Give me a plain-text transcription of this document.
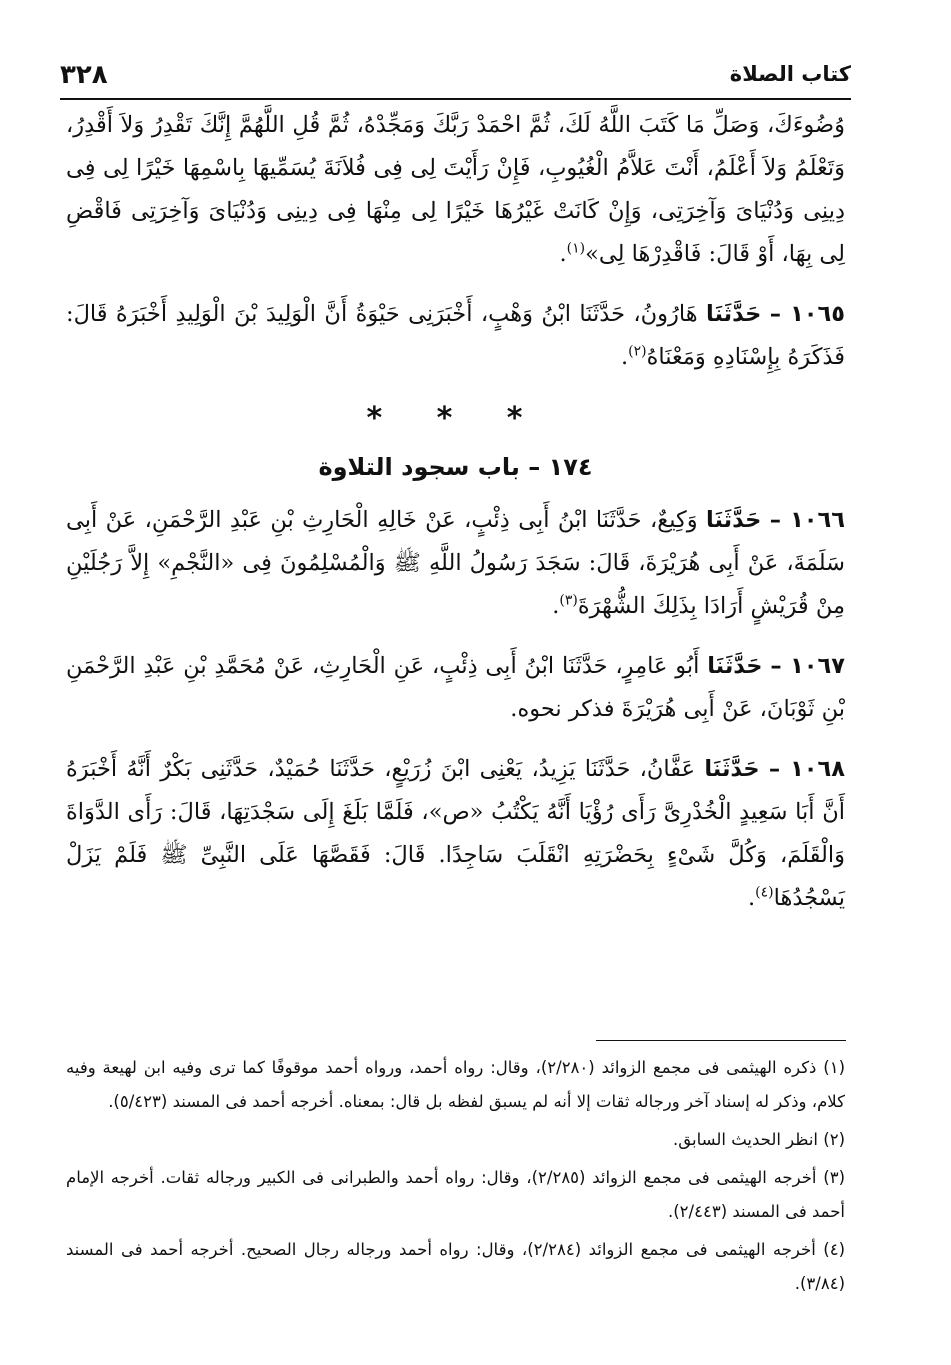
كتاب الصلاة
٣٢٨

وُضُوءَكَ، وَصَلِّ مَا كَتَبَ اللَّهُ لَكَ، ثُمَّ احْمَدْ رَبَّكَ وَمَجِّدْهُ، ثُمَّ قُلِ اللَّهُمَّ إِنَّكَ تَقْدِرُ وَلاَ أَقْدِرُ، وَتَعْلَمُ وَلاَ أَعْلَمُ، أَنْتَ عَلاَّمُ الْغُيُوبِ، فَإِنْ رَأَيْتَ لِى فِى فُلاَنَةَ يُسَمِّيهَا بِاسْمِهَا خَيْرًا لِى فِى دِينِى وَدُنْيَاىَ وَآخِرَتِى، وَإِنْ كَانَتْ غَيْرُهَا خَيْرًا لِى مِنْهَا فِى دِينِى وَدُنْيَاىَ وَآخِرَتِى فَاقْضِ لِى بِهَا، أَوْ قَالَ: فَاقْدِرْهَا لِى»$^{(١)}$.

١٠٦٥ – حَدَّثَنَا هَارُونُ، حَدَّثَنَا ابْنُ وَهْبٍ، أَخْبَرَنِى حَيْوَةُ أَنَّ الْوَلِيدَ بْنَ الْوَلِيدِ أَخْبَرَهُ قَالَ: فَذَكَرَهُ بِإِسْنَادِهِ وَمَعْنَاهُ$^{(٢)}$.

* * *
١٧٤ – باب سجود التلاوة

١٠٦٦ – حَدَّثَنَا وَكِيعٌ، حَدَّثَنَا ابْنُ أَبِى ذِئْبٍ، عَنْ خَالِهِ الْحَارِثِ بْنِ عَبْدِ الرَّحْمَنِ، عَنْ أَبِى سَلَمَةَ، عَنْ أَبِى هُرَيْرَةَ، قَالَ: سَجَدَ رَسُولُ اللَّهِ ﷺ وَالْمُسْلِمُونَ فِى «النَّجْمِ» إِلاَّ رَجُلَيْنِ مِنْ قُرَيْشٍ أَرَادَا بِذَلِكَ الشُّهْرَةَ$^{(٣)}$.

١٠٦٧ – حَدَّثَنَا أَبُو عَامِرٍ، حَدَّثَنَا ابْنُ أَبِى ذِئْبٍ، عَنِ الْحَارِثِ، عَنْ مُحَمَّدِ بْنِ عَبْدِ الرَّحْمَنِ بْنِ ثَوْبَانَ، عَنْ أَبِى هُرَيْرَةَ فذكر نحوه.

١٠٦٨ – حَدَّثَنَا عَفَّانُ، حَدَّثَنَا يَزِيدُ، يَعْنِى ابْنَ زُرَيْعٍ، حَدَّثَنَا حُمَيْدٌ، حَدَّثَنِى بَكْرٌ أَنَّهُ أَخْبَرَهُ أَنَّ أَبَا سَعِيدٍ الْخُدْرِىَّ رَأَى رُؤْيَا أَنَّهُ يَكْتُبُ «ص»، فَلَمَّا بَلَغَ إِلَى سَجْدَتِهَا، قَالَ: رَأَى الدَّوَاةَ وَالْقَلَمَ، وَكُلَّ شَىْءٍ بِحَضْرَتِهِ انْقَلَبَ سَاجِدًا. قَالَ: فَقَصَّهَا عَلَى النَّبِىِّ ﷺ فَلَمْ يَزَلْ يَسْجُدُهَا$^{(٤)}$.

(١) ذكره الهيثمى فى مجمع الزوائد (٢/٢٨٠)، وقال: رواه أحمد، ورواه أحمد موقوفًا كما ترى وفيه ابن لهيعة وفيه كلام، وذكر له إسناد آخر ورجاله ثقات إلا أنه لم يسبق لفظه بل قال: بمعناه. أخرجه أحمد فى المسند (٥/٤٢٣).

(٢) انظر الحديث السابق.

(٣) أخرجه الهيثمى فى مجمع الزوائد (٢/٢٨٥)، وقال: رواه أحمد والطبرانى فى الكبير ورجاله ثقات. أخرجه الإمام أحمد فى المسند (٢/٤٤٣).

(٤) أخرجه الهيثمى فى مجمع الزوائد (٢/٢٨٤)، وقال: رواه أحمد ورجاله رجال الصحيح. أخرجه أحمد فى المسند (٣/٨٤).
